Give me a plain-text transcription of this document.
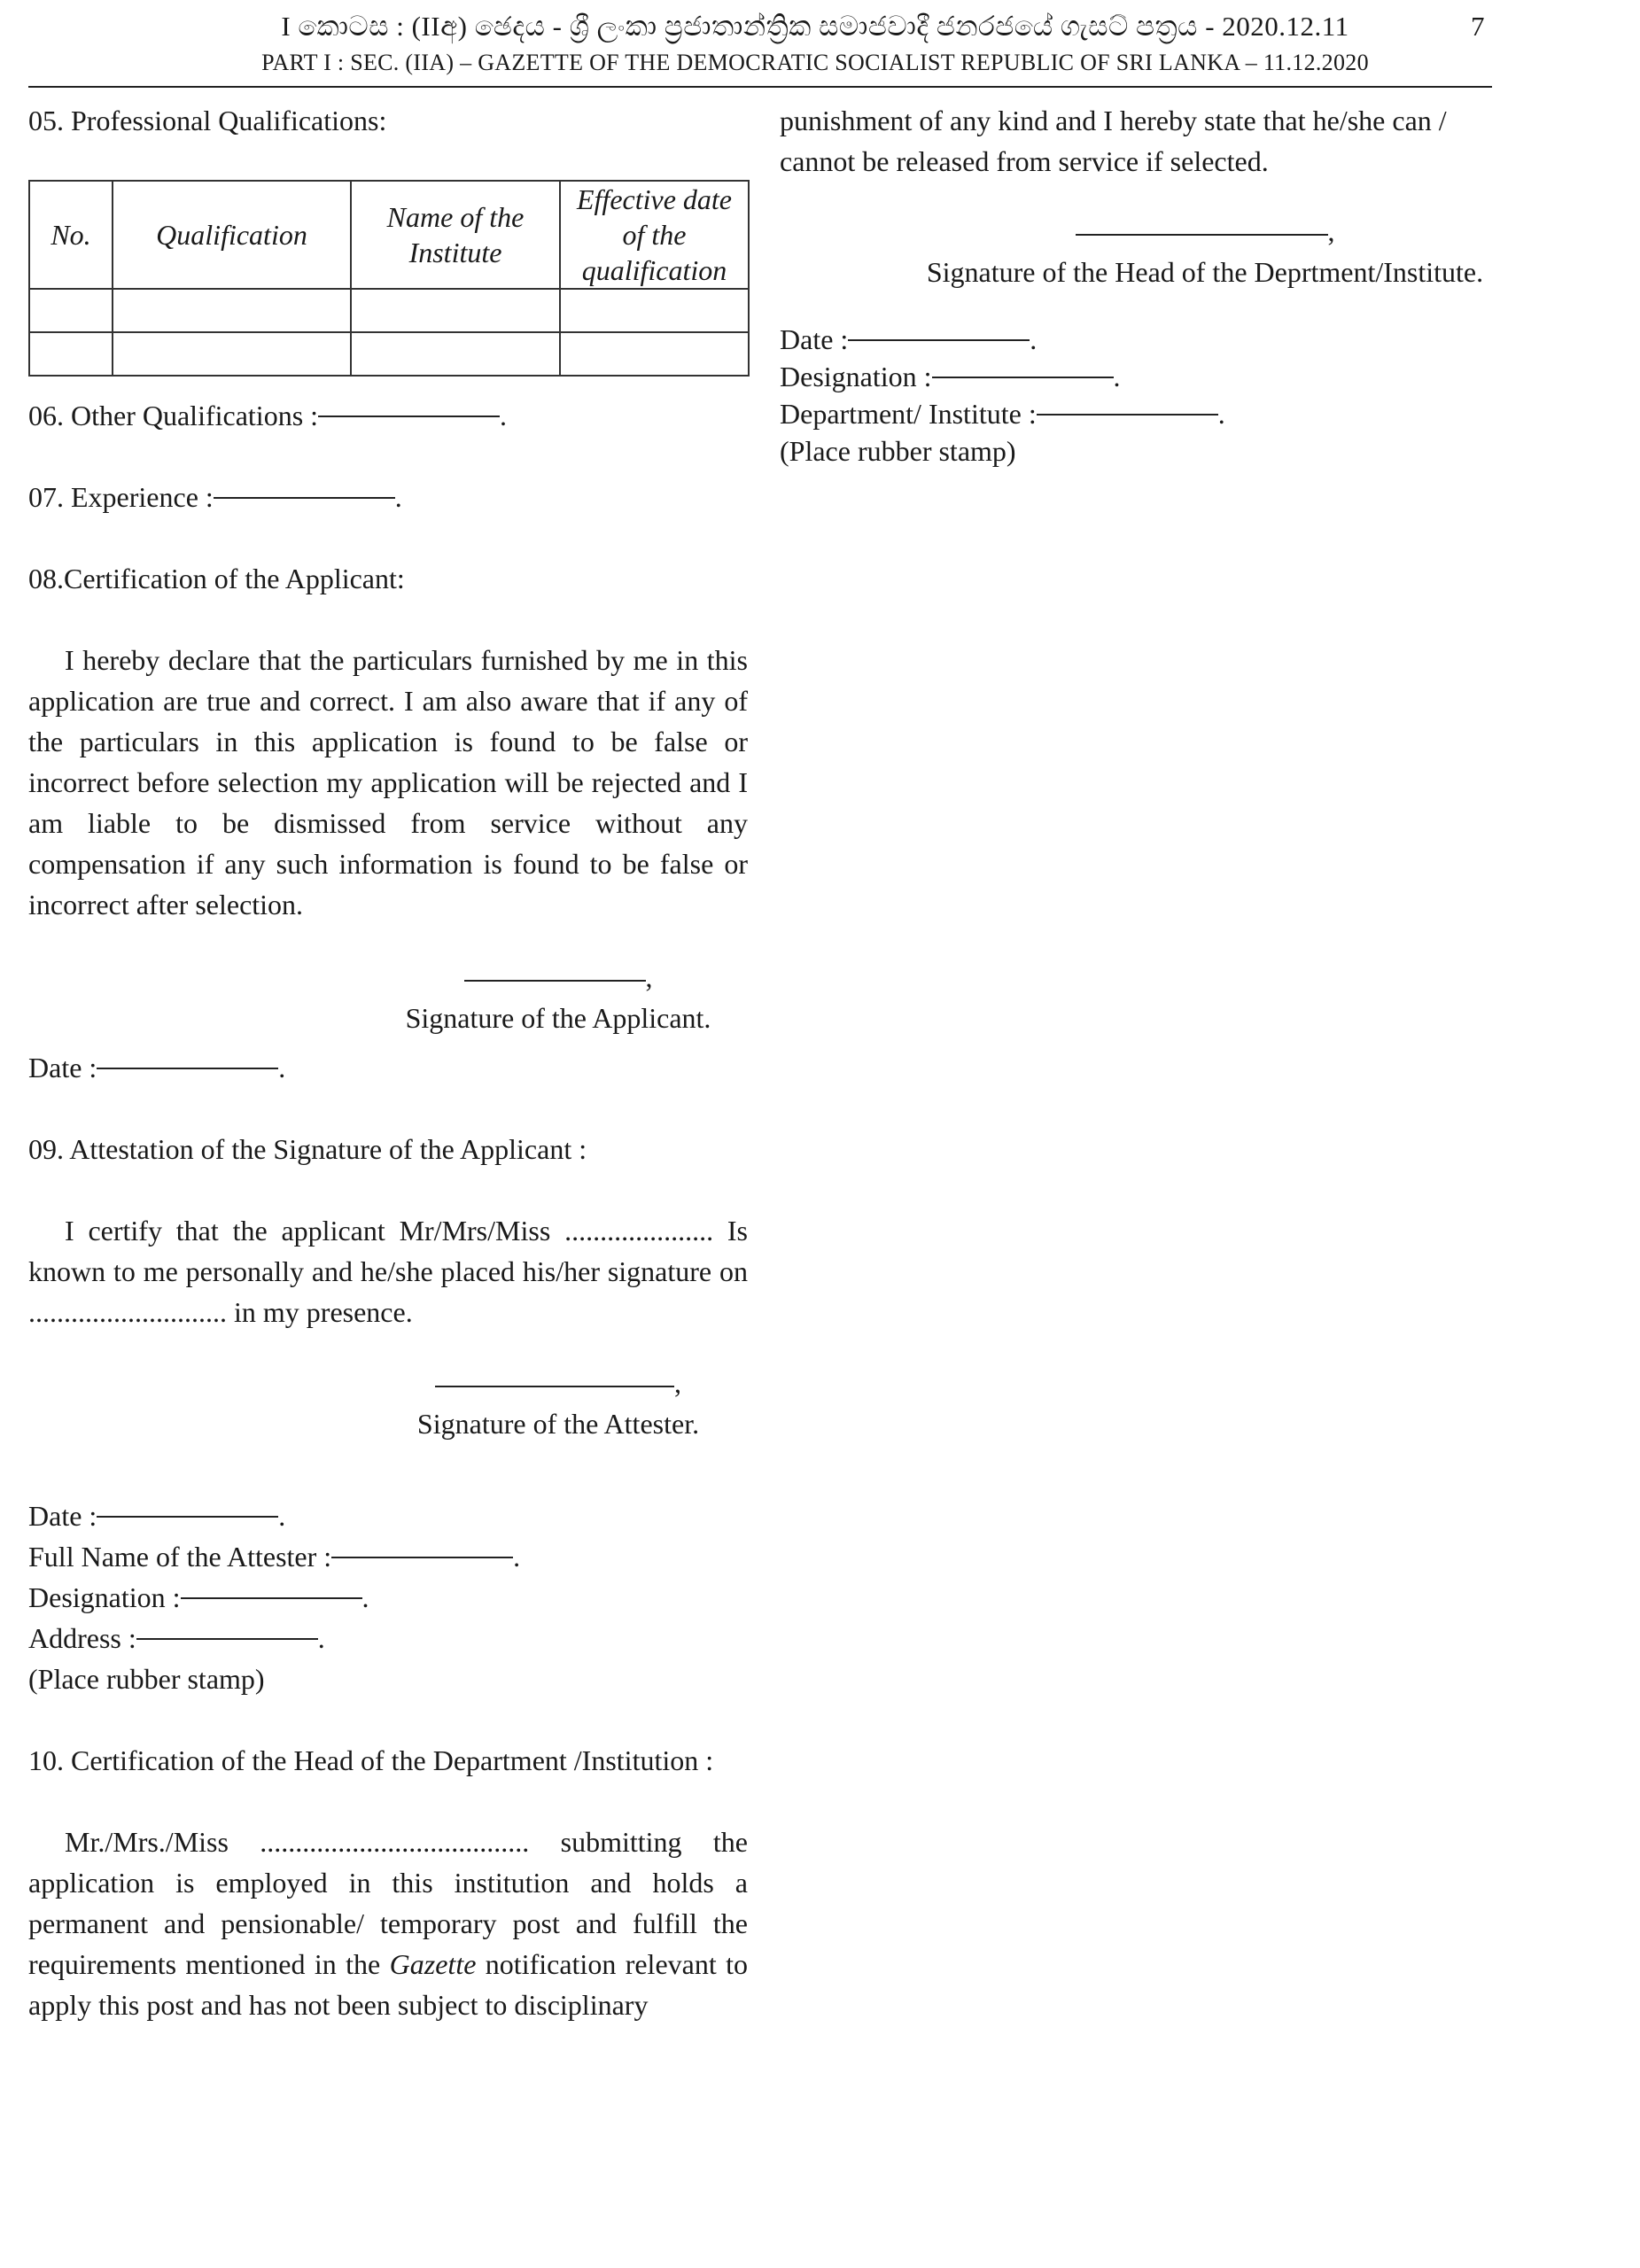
I කොටස : (IIඅ) ඡෙදය - ශ්‍රී ලංකා ප්‍රජාතාන්ත්‍රික සමාජවාදී ජනරජයේ ගැසට් පත්‍රය - 2020.12.11
PART I : SEC. (IIA) – GAZETTE OF THE DEMOCRATIC SOCIALIST REPUBLIC OF SRI LANKA – 11.12.2020
7
05. Professional Qualifications:
No.	Qualification	Name of the Institute	Effective date of the qualification

06. Other Qualifications :	.
07. Experience :	.
08.Certification of the Applicant:
I hereby declare that the particulars furnished by me in this application are true and correct. I am also aware that if any of the particulars in this application is found to be false or incorrect before selection my application will be rejected and I am liable to be dismissed from service without any compensation if any such information is found to be false or incorrect after selection.
,
Signature of the Applicant.
Date :	.
09. Attestation of the Signature of the Applicant :
I certify that the applicant Mr/Mrs/Miss ..................... Is known to me personally and he/she placed his/her signature on ............................ in my presence.
,
Signature of the Attester.
Date :	.
Full Name of the Attester :	.
Designation :	.
Address :	.
(Place rubber stamp)
10. Certification of the Head of the Department /Institution :
Mr./Mrs./Miss ...................................... submitting the application is employed in this institution and holds a permanent and pensionable/ temporary post and fulfill the requirements mentioned in the Gazette notification relevant to apply this post and has not been subject to disciplinary
punishment of any kind and I hereby state that he/she can / cannot be released from service if selected.
,
Signature of the Head of the Deprtment/Institute.
Date :	.
Designation :	.
Department/ Institute :	.
(Place rubber stamp)
